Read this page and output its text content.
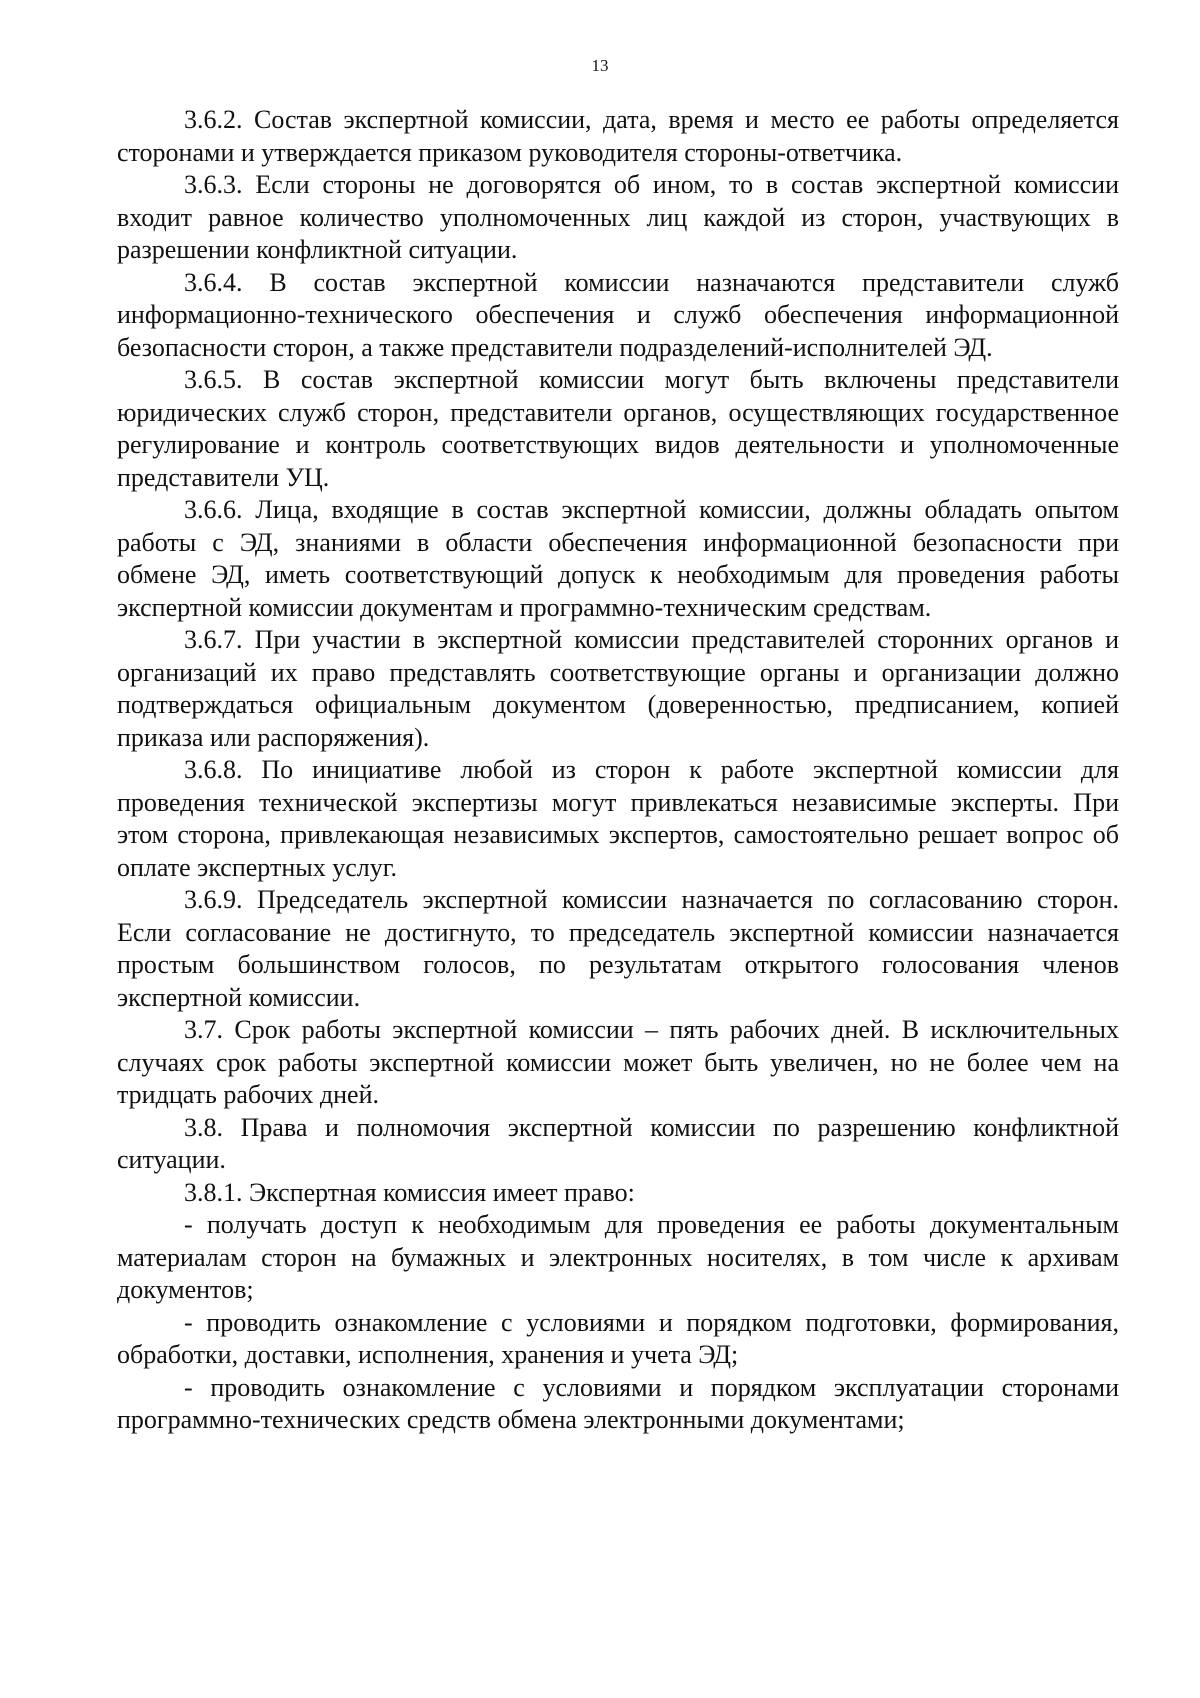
13

3.6.2. Состав экспертной комиссии, дата, время и место ее работы определяется сторонами и утверждается приказом руководителя стороны-ответчика.

3.6.3. Если стороны не договорятся об ином, то в состав экспертной комиссии входит равное количество уполномоченных лиц каждой из сторон, участвующих в разрешении конфликтной ситуации.

3.6.4. В состав экспертной комиссии назначаются представители служб информационно-технического обеспечения и служб обеспечения информационной безопасности сторон, а также представители подразделений-исполнителей ЭД.

3.6.5. В состав экспертной комиссии могут быть включены представители юридических служб сторон, представители органов, осуществляющих государственное регулирование и контроль соответствующих видов деятельности и уполномоченные представители УЦ.

3.6.6. Лица, входящие в состав экспертной комиссии, должны обладать опытом работы с ЭД, знаниями в области обеспечения информационной безопасности при обмене ЭД, иметь соответствующий допуск к необходимым для проведения работы экспертной комиссии документам и программно-техническим средствам.

3.6.7. При участии в экспертной комиссии представителей сторонних органов и организаций их право представлять соответствующие органы и организации должно подтверждаться официальным документом (доверенностью, предписанием, копией приказа или распоряжения).

3.6.8. По инициативе любой из сторон к работе экспертной комиссии для проведения технической экспертизы могут привлекаться независимые эксперты. При этом сторона, привлекающая независимых экспертов, самостоятельно решает вопрос об оплате экспертных услуг.

3.6.9. Председатель экспертной комиссии назначается по согласованию сторон. Если согласование не достигнуто, то председатель экспертной комиссии назначается простым большинством голосов, по результатам открытого голосования членов экспертной комиссии.

3.7. Срок работы экспертной комиссии – пять рабочих дней. В исключительных случаях срок работы экспертной комиссии может быть увеличен, но не более чем на тридцать рабочих дней.

3.8. Права и полномочия экспертной комиссии по разрешению конфликтной ситуации.

3.8.1. Экспертная комиссия имеет право:

- получать доступ к необходимым для проведения ее работы документальным материалам сторон на бумажных и электронных носителях, в том числе к архивам документов;

- проводить ознакомление с условиями и порядком подготовки, формирования, обработки, доставки, исполнения, хранения и учета ЭД;

- проводить ознакомление с условиями и порядком эксплуатации сторонами программно-технических средств обмена электронными документами;
